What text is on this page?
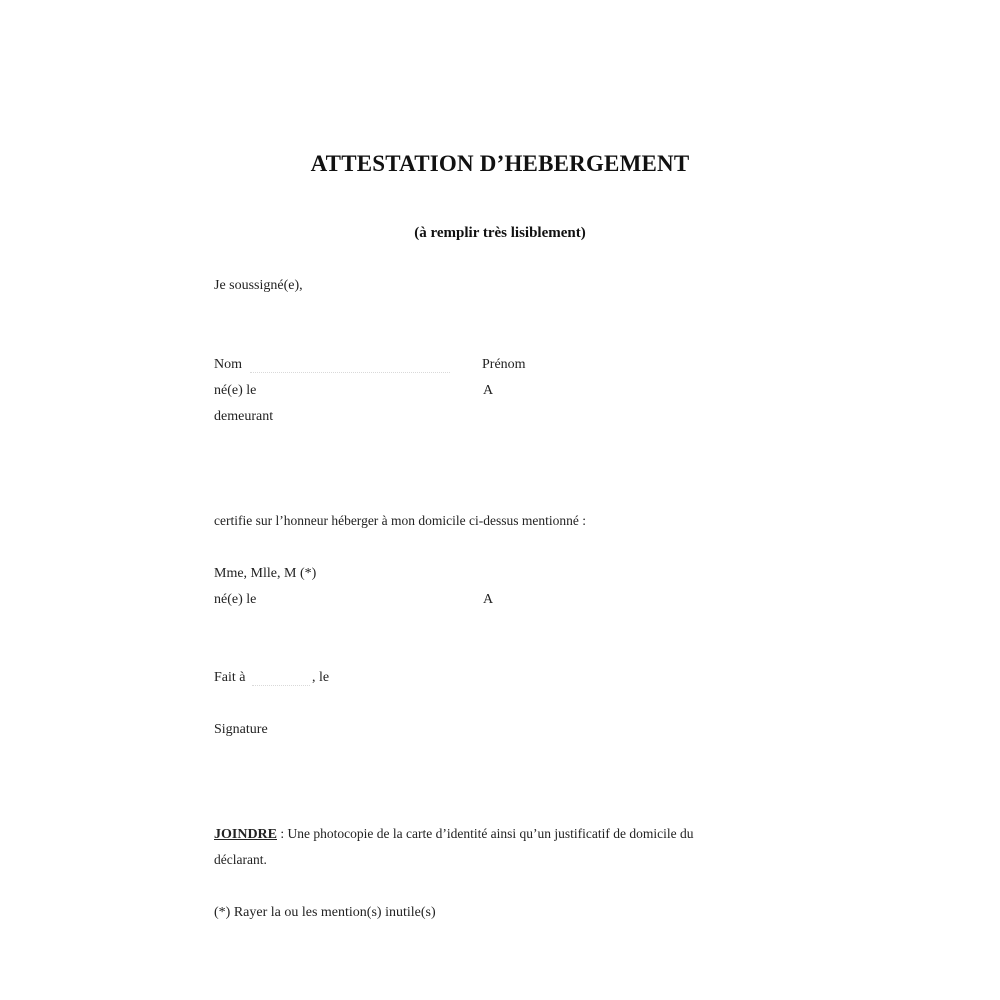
ATTESTATION D’HEBERGEMENT
(à remplir très lisiblement)
Je soussigné(e),
Nom	Prénom
né(e) le	A
demeurant
certifie sur l’honneur héberger à mon domicile ci-dessus mentionné :
Mme, Mlle, M (*)
né(e) le	A
Fait à	, le
Signature
JOINDRE : Une photocopie de la carte d’identité ainsi qu’un justificatif de domicile du
déclarant.
(*) Rayer la ou les mention(s) inutile(s)
